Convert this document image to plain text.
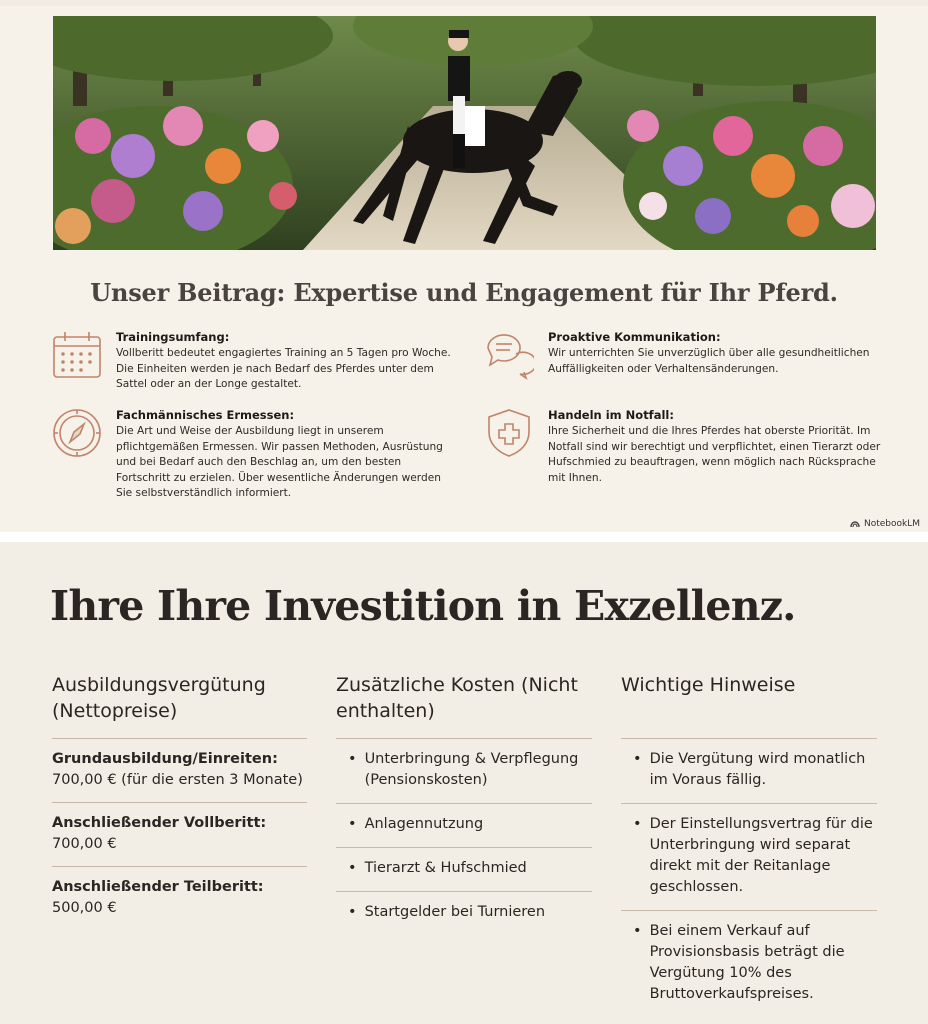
Unser Beitrag: Expertise und Engagement für Ihr Pferd.
Trainingsumfang:
Vollberitt bedeutet engagiertes Training an 5 Tagen pro Woche. Die Einheiten werden je nach Bedarf des Pferdes unter dem Sattel oder an der Longe gestaltet.
Proaktive Kommunikation:
Wir unterrichten Sie unverzüglich über alle gesundheitlichen Auffälligkeiten oder Verhaltensänderungen.
Fachmännisches Ermessen:
Die Art und Weise der Ausbildung liegt in unserem pflichtgemäßen Ermessen. Wir passen Methoden, Ausrüstung und bei Bedarf auch den Beschlag an, um den besten Fortschritt zu erzielen. Über wesentliche Änderungen werden Sie selbstverständlich informiert.
Handeln im Notfall:
Ihre Sicherheit und die Ihres Pferdes hat oberste Priorität. Im Notfall sind wir berechtigt und verpflichtet, einen Tierarzt oder Hufschmied zu beauftragen, wenn möglich nach Rücksprache mit Ihnen.
NotebookLM
Ihre Ihre Investition in Exzellenz.
Ausbildungsvergütung (Nettopreise)
Grundausbildung/Einreiten:
700,00 € (für die ersten 3 Monate)
Anschließender Vollberitt:
700,00 €
Anschließender Teilberitt:
500,00 €
Zusätzliche Kosten (Nicht enthalten)
• Unterbringung & Verpflegung (Pensionskosten)
• Anlagennutzung
• Tierarzt & Hufschmied
• Startgelder bei Turnieren
Wichtige Hinweise
• Die Vergütung wird monatlich im Voraus fällig.
• Der Einstellungsvertrag für die Unterbringung wird separat direkt mit der Reitanlage geschlossen.
• Bei einem Verkauf auf Provisionsbasis beträgt die Vergütung 10% des Bruttoverkaufspreises.
